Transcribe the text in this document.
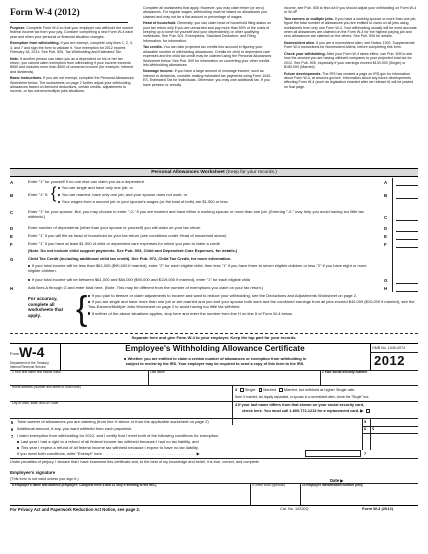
Form W-4 (2012)

Purpose. Complete Form W-4 so that your employer can withhold the correct federal income tax from your pay. Consider completing a new Form W-4 each year and when your personal or financial situation changes.

Exemption from withholding. If you are exempt, complete only lines 1, 2, 3, 4, and 7 and sign the form to validate it. Your exemption for 2012 expires February 18, 2013. See Pub. 505, Tax Withholding and Estimated Tax.

Note. If another person can claim you as a dependent on his or her tax return, you cannot claim exemption from withholding if your income exceeds $950 and includes more than $300 of unearned income (for example, interest and dividends).

Basic instructions. If you are not exempt, complete the Personal Allowances Worksheet below. The worksheets on page 2 further adjust your withholding allowances based on itemized deductions, certain credits, adjustments to income, or two-earners/multiple jobs situations.

Complete all worksheets that apply. However, you may claim fewer (or zero) allowances. For regular wages, withholding must be based on allowances you claimed and may not be a flat amount or percentage of wages.

Head of household. Generally, you can claim head of household filing status on your tax return only if you are unmarried and pay more than 50% of the costs of keeping up a home for yourself and your dependent(s) or other qualifying individuals. See Pub. 501, Exemptions, Standard Deduction, and Filing Information, for information.

Tax credits. You can take projected tax credits into account in figuring your allowable number of withholding allowances. Credits for child or dependent care expenses and the child tax credit may be claimed using the Personal Allowances Worksheet below. See Pub. 505 for information on converting your other credits into withholding allowances.

Nonwage income. If you have a large amount of nonwage income, such as interest or dividends, consider making estimated tax payments using Form 1040-ES, Estimated Tax for Individuals. Otherwise, you may owe additional tax. If you have pension or annuity

income, see Pub. 505 to find out if you should adjust your withholding on Form W-4 or W-4P.

Two earners or multiple jobs. If you have a working spouse or more than one job, figure the total number of allowances you are entitled to claim on all jobs using worksheets from only one Form W-4. Your withholding usually will be most accurate when all allowances are claimed on the Form W-4 for the highest paying job and zero allowances are claimed on the others. See Pub. 505 for details.

Nonresident alien. If you are a nonresident alien, see Notice 1392, Supplemental Form W-4 Instructions for Nonresident Aliens, before completing this form.

Check your withholding. After your Form W-4 takes effect, use Pub. 505 to see how the amount you are having withheld compares to your projected total tax for 2012. See Pub. 505, especially if your earnings exceed $130,000 (Single) or $180,000 (Married).

Future developments. The IRS has created a page on IRS.gov for information about Form W-4, at www.irs.gov/w4. Information about any future developments affecting Form W-4 (such as legislation enacted after we release it) will be posted on that page.

Personal Allowances Worksheet (Keep for your records.)
A	Enter "1" for yourself if no one else can claim you as a dependent	A
B	Enter "1" if: {	You are single and have only one job; or
You are married, have only one job, and your spouse does not work; or
Your wages from a second job or your spouse's wages (or the total of both) are $1,500 or less.
B
C	Enter "1" for your spouse. But, you may choose to enter "-0-" if you are married and have either a working spouse or more than one job. (Entering "-0-" may help you avoid having too little tax withheld.)	C
D	Enter number of dependents (other than your spouse or yourself) you will claim on your tax return	D
E	Enter "1" if you will file as head of household on your tax return (see conditions under Head of household above)	E
F	Enter "1" if you have at least $1,900 of child or dependent care expenses for which you plan to claim a credit	F
(Note. Do not include child support payments. See Pub. 503, Child and Dependent Care Expenses, for details.)
G	Child Tax Credit (including additional child tax credit). See Pub. 972, Child Tax Credit, for more information.
If your total income will be less than $61,000 ($90,000 if married), enter "2" for each eligible child; then less "1" if you have three to seven eligible children or less "2" if you have eight or more eligible children.
If your total income will be between $61,000 and $84,000 ($90,000 and $119,000 if married), enter "1" for each eligible child	G
H	Add lines A through G and enter total here. (Note. This may be different from the number of exemptions you claim on your tax return.)	H
For accuracy, complete all worksheets that apply.	{	If you plan to itemize or claim adjustments to income and want to reduce your withholding, see the Deductions and Adjustments Worksheet on page 2.
If you are single and have more than one job or are married and you and your spouse both work and the combined earnings from all jobs exceed $40,000 ($10,000 if married), see the Two-Earners/Multiple Jobs Worksheet on page 2 to avoid having too little tax withheld.
If neither of the above situations applies, stop here and enter the number from line H on line 5 of Form W-4 below.
Separate here and give Form W-4 to your employer. Keep the top part for your records.
Form W-4
Department of the Treasury Internal Revenue Service
Employee's Withholding Allowance Certificate
Whether you are entitled to claim a certain number of allowances or exemption from withholding is
subject to review by the IRS. Your employer may be required to send a copy of this form to the IRS.
OMB No. 1545-0074
2012
1 Your first name and middle initial	Last name	2 Your social security number
Home address (number and street or rural route)
3 Single Married Married, but withhold at higher Single rate.
Note. If married, but legally separated, or spouse is a nonresident alien, check the "Single" box.
City or town, state, and ZIP code	4 If your last name differs from that shown on your social security card,
check here. You must call 1-800-772-1213 for a replacement card. ▶
5 Total number of allowances you are claiming (from line H above or from the applicable worksheet on page 2)	5
6 Additional amount, if any, you want withheld from each paycheck	6 $
7 I claim exemption from withholding for 2012, and I certify that I meet both of the following conditions for exemption.
Last year I had a right to a refund of all federal income tax withheld because I had no tax liability, and
This year I expect a refund of all federal income tax withheld because I expect to have no tax liability.
If you meet both conditions, write "Exempt" here . . . . . . . . . . . . . . . . . . . . . . . . . . . . . . . . . . . . . . . . . . ▶	7
Under penalties of perjury, I declare that I have examined this certificate and, to the best of my knowledge and belief, it is true, correct, and complete.
Employee's signature
(This form is not valid unless you sign it.)	Date ▶
8 Employer's name and address (Employer: Complete lines 8 and 10 only if sending to the IRS.)	9 Office code (optional)	10 Employer identification number (EIN)
For Privacy Act and Paperwork Reduction Act Notice, see page 2.	Cat. No. 10220Q	Form W-4 (2012)
